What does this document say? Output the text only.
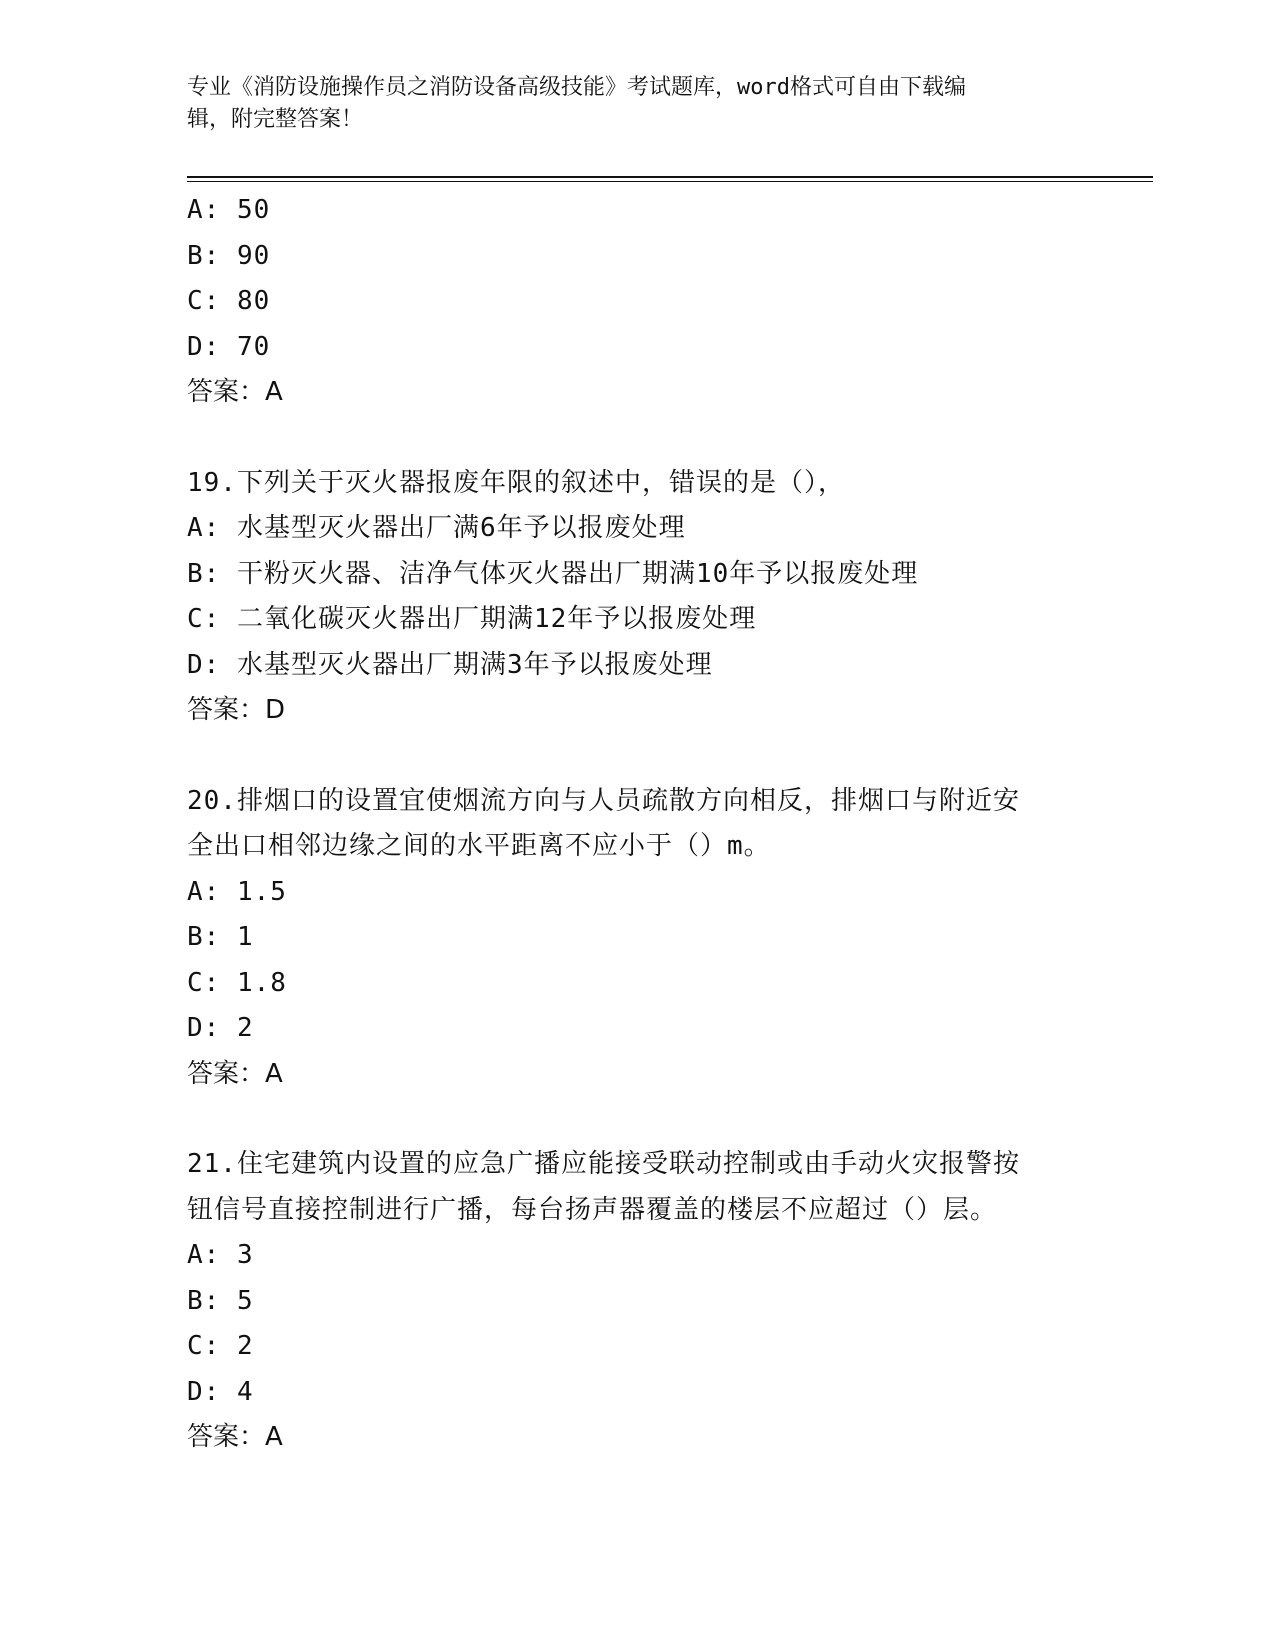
专业《消防设施操作员之消防设备高级技能》考试题库，word格式可自由下载编
辑，附完整答案！
A: 50
B: 90
C: 80
D: 70
答案：A
19.下列关于灭火器报废年限的叙述中，错误的是（），
A: 水基型灭火器出厂满6年予以报废处理
B: 干粉灭火器、洁净气体灭火器出厂期满10年予以报废处理
C: 二氧化碳灭火器出厂期满12年予以报废处理
D: 水基型灭火器出厂期满3年予以报废处理
答案：D
20.排烟口的设置宜使烟流方向与人员疏散方向相反，排烟口与附近安
全出口相邻边缘之间的水平距离不应小于（）m。
A: 1.5
B: 1
C: 1.8
D: 2
答案：A
21.住宅建筑内设置的应急广播应能接受联动控制或由手动火灾报警按
钮信号直接控制进行广播，每台扬声器覆盖的楼层不应超过（）层。
A: 3
B: 5
C: 2
D: 4
答案：A
